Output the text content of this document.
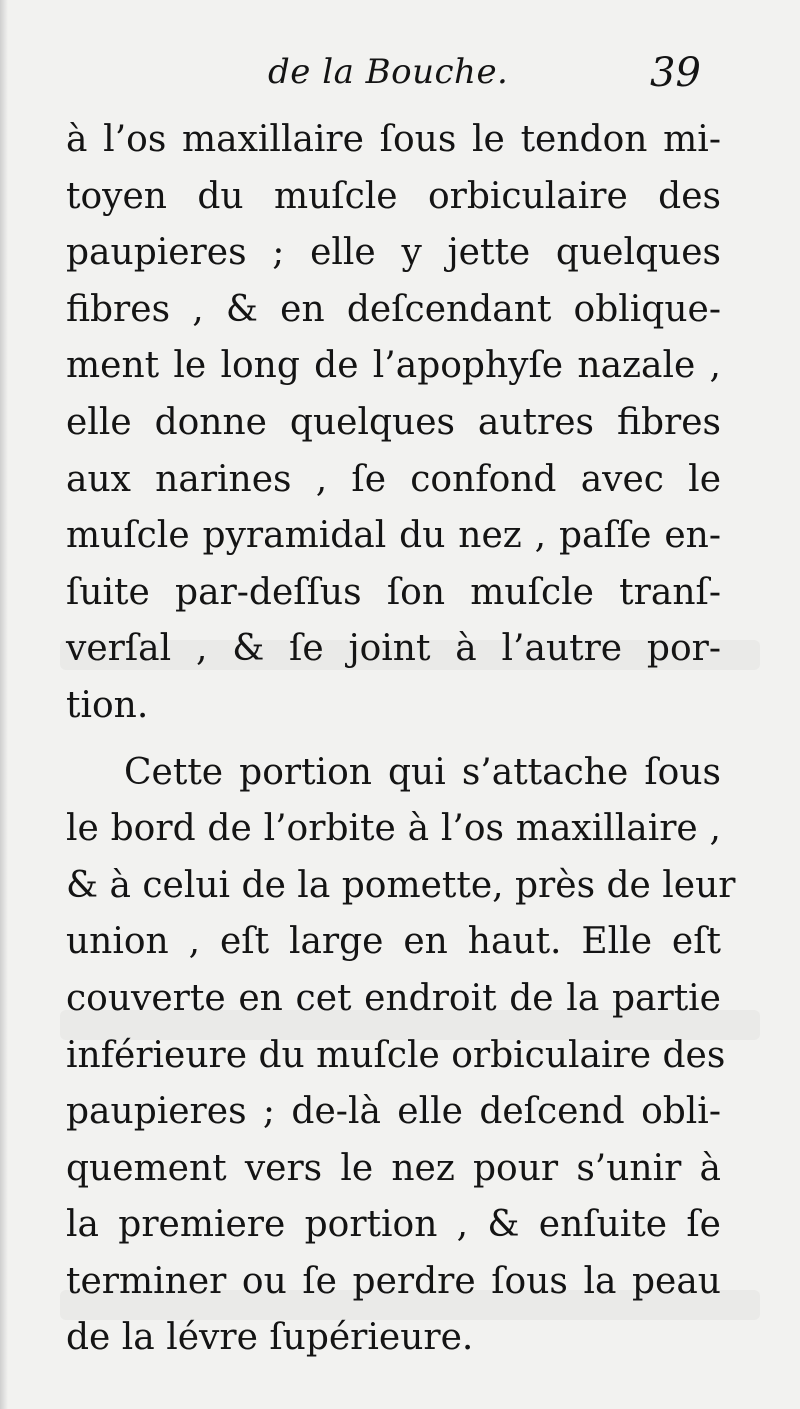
de la Bouche.	39
à l’os maxillaire ſous le tendon mi-
toyen du muſcle orbiculaire des
paupieres ; elle y jette quelques
fibres , & en deſcendant oblique-
ment le long de l’apophyſe nazale ,
elle donne quelques autres fibres
aux narines , ſe confond avec le
muſcle pyramidal du nez , paſſe en-
ſuite par-deſſus ſon muſcle tranſ-
verſal , & ſe joint à l’autre por-
tion.
Cette portion qui s’attache ſous
le bord de l’orbite à l’os maxillaire ,
& à celui de la pomette, près de leur
union , eſt large en haut. Elle eſt
couverte en cet endroit de la partie
inférieure du muſcle orbiculaire des
paupieres ; de-là elle deſcend obli-
quement vers le nez pour s’unir à
la premiere portion , & enſuite ſe
terminer ou ſe perdre ſous la peau
de la lévre ſupérieure.
